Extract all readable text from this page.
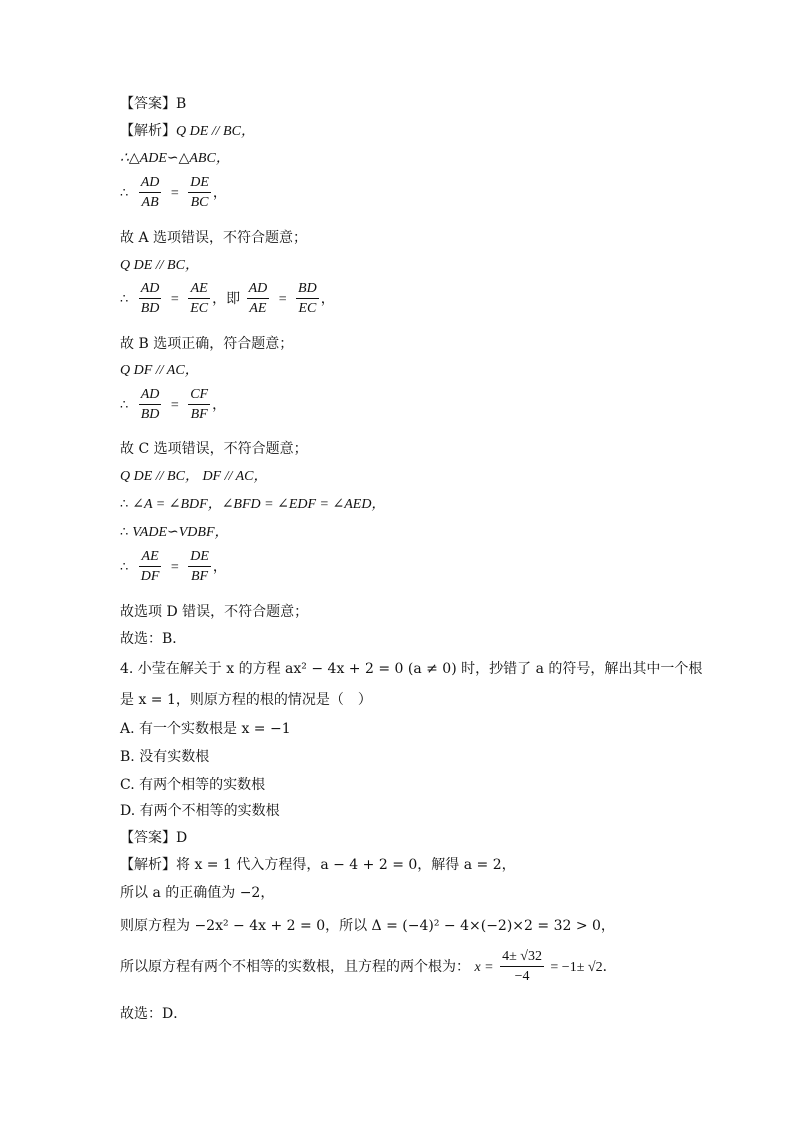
【答案】B
【解析】Q DE // BC，
∴△ADE∽△ABC，
∴ $\frac{AD}{AB} = \frac{DE}{BC}$ ，
故 A 选项错误，不符合题意；
Q DE // BC，
∴ $\frac{AD}{BD} = \frac{AE}{EC}$ ，即 $\frac{AD}{AE} = \frac{BD}{EC}$ ，
故 B 选项正确，符合题意；
Q DF // AC，
∴ $\frac{AD}{BD} = \frac{CF}{BF}$ ，
故 C 选项错误，不符合题意；
Q DE // BC， DF // AC，
∴ ∠A = ∠BDF，∠BFD = ∠EDF = ∠AED，
∴ VADE∽VDBF，
∴ $\frac{AE}{DF} = \frac{DE}{BF}$ ，
故选项 D 错误，不符合题意；
故选：B．
4. 小莹在解关于 x 的方程 ax² − 4x + 2 = 0 (a ≠ 0) 时，抄错了 a 的符号，解出其中一个根
是 x = 1，则原方程的根的情况是（　）
A. 有一个实数根是 x = −1
B. 没有实数根
C. 有两个相等的实数根
D. 有两个不相等的实数根
【答案】D
【解析】将 x = 1 代入方程得，a − 4 + 2 = 0，解得 a = 2，
所以 a 的正确值为 −2，
则原方程为 −2x² − 4x + 2 = 0，所以 Δ = (−4)² − 4×(−2)×2 = 32 > 0，
所以原方程有两个不相等的实数根，且方程的两个根为： $x = \frac{4\pm √32}{-4} = -1\pm √2$．
故选：D．
